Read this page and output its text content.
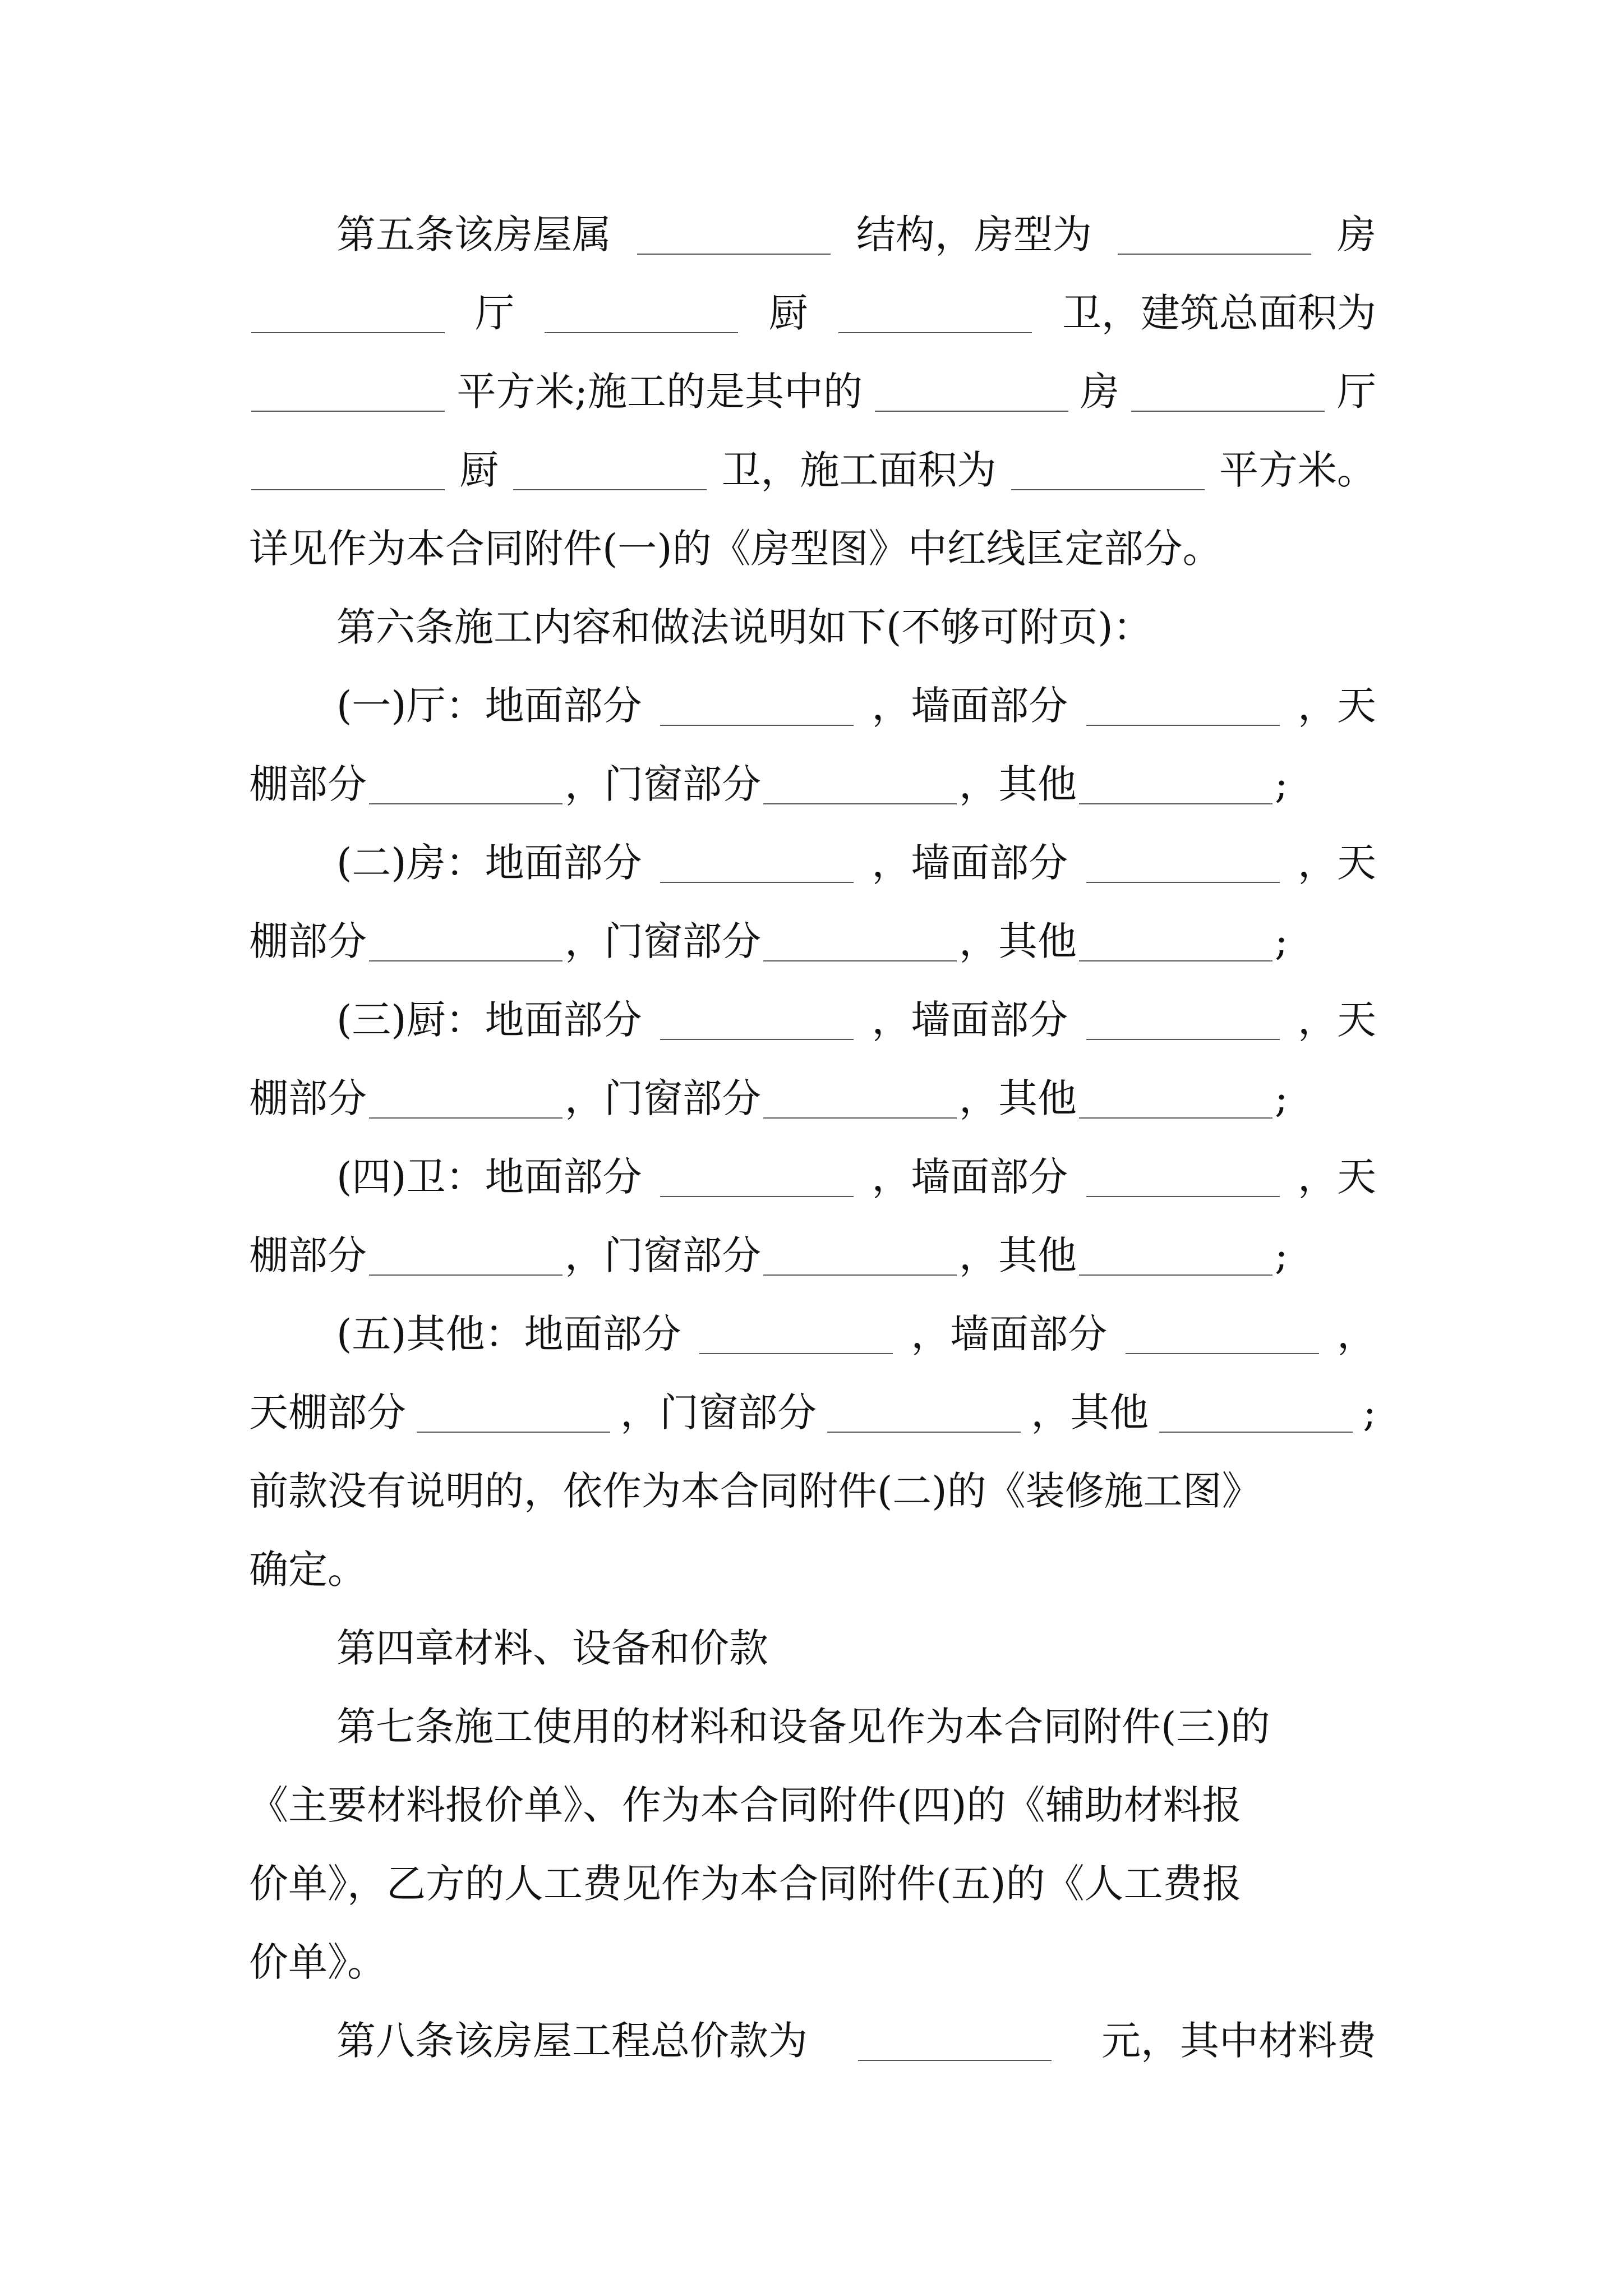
第五条该房屋属	结构，房型为	房
厅	厨	卫，建筑总面积为
平方米;施工的是其中的	房	厅
厨	卫，施工面积为	平方米。
详见作为本合同附件(一)的《房型图》中红线匡定部分。
第六条施工内容和做法说明如下(不够可附页)：
(一)厅：地面部分	，墙面部分	，天
棚部分	，门窗部分	，其他	;
(二)房：地面部分	，墙面部分	，天
棚部分	，门窗部分	，其他	;
(三)厨：地面部分	，墙面部分	，天
棚部分	，门窗部分	，其他	;
(四)卫：地面部分	，墙面部分	，天
棚部分	，门窗部分	，其他	;
(五)其他：地面部分	，墙面部分	，
天棚部分	，门窗部分	，其他	;
前款没有说明的，依作为本合同附件(二)的《装修施工图》
确定。
第四章材料、设备和价款
第七条施工使用的材料和设备见作为本合同附件(三)的
《主要材料报价单》、作为本合同附件(四)的《辅助材料报
价单》，乙方的人工费见作为本合同附件(五)的《人工费报
价单》。
第八条该房屋工程总价款为	元，其中材料费
